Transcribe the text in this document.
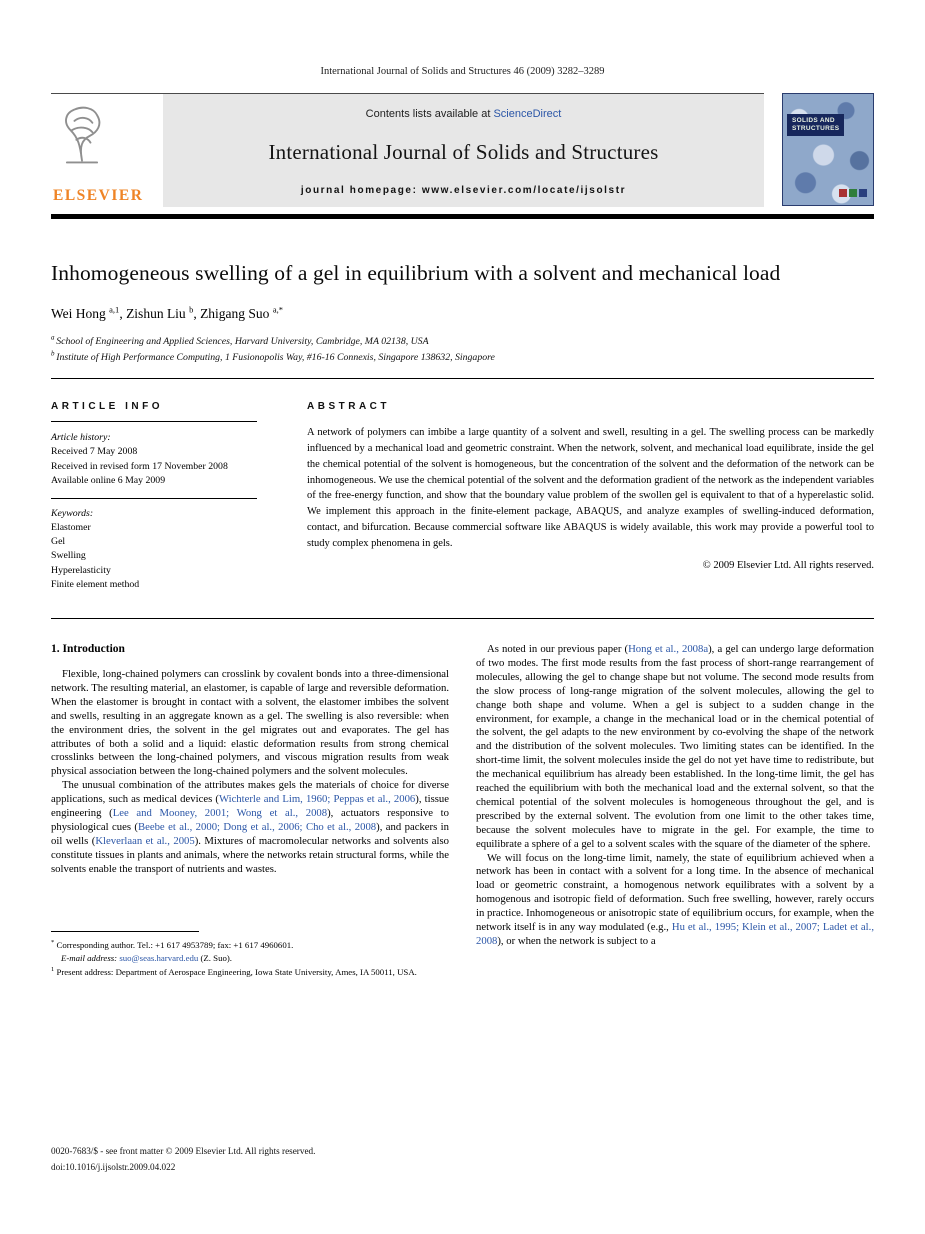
International Journal of Solids and Structures 46 (2009) 3282–3289
ELSEVIER
Contents lists available at ScienceDirect
International Journal of Solids and Structures
journal homepage: www.elsevier.com/locate/ijsolstr
SOLIDS AND
STRUCTURES
Inhomogeneous swelling of a gel in equilibrium with a solvent and mechanical load
Wei Hong $^{a,1}$, Zishun Liu $^b$, Zhigang Suo $^{a,*}$
$^a$ School of Engineering and Applied Sciences, Harvard University, Cambridge, MA 02138, USA
$^b$ Institute of High Performance Computing, 1 Fusionopolis Way, #16-16 Connexis, Singapore 138632, Singapore
ARTICLE INFO
Article history:
Received 7 May 2008
Received in revised form 17 November 2008
Available online 6 May 2009
Keywords:
Elastomer
Gel
Swelling
Hyperelasticity
Finite element method
ABSTRACT

A network of polymers can imbibe a large quantity of a solvent and swell, resulting in a gel. The swelling process can be markedly influenced by a mechanical load and geometric constraint. When the network, solvent, and mechanical load equilibrate, inside the gel the chemical potential of the solvent is homogeneous, but the concentration of the solvent and the deformation of the network can be inhomogeneous. We use the chemical potential of the solvent and the deformation gradient of the network as the independent variables of the free-energy function, and show that the boundary value problem of the swollen gel is equivalent to that of a hyperelastic solid. We implement this approach in the finite-element package, ABAQUS, and analyze examples of swelling-induced deformation, contact, and bifurcation. Because commercial software like ABAQUS is widely available, this work may provide a powerful tool to study complex phenomena in gels.

© 2009 Elsevier Ltd. All rights reserved.
1. Introduction

Flexible, long-chained polymers can crosslink by covalent bonds into a three-dimensional network. The resulting material, an elastomer, is capable of large and reversible deformation. When the elastomer is brought in contact with a solvent, the elastomer imbibes the solvent and swells, resulting in an aggregate known as a gel. The swelling is also reversible: when the environment dries, the solvent in the gel migrates out and evaporates. The gel has attributes of both a solid and a liquid: elastic deformation results from strong chemical crosslinks between the long-chained polymers, and viscous migration results from weak physical association between the long-chained polymers and the solvent molecules.

The unusual combination of the attributes makes gels the materials of choice for diverse applications, such as medical devices (Wichterle and Lim, 1960; Peppas et al., 2006), tissue engineering (Lee and Mooney, 2001; Wong et al., 2008), actuators responsive to physiological cues (Beebe et al., 2000; Dong et al., 2006; Cho et al., 2008), and packers in oil wells (Kleverlaan et al., 2005). Mixtures of macromolecular networks and solvents also constitute tissues in plants and animals, where the networks retain structural forms, while the solvents enable the transport of nutrients and wastes.

* Corresponding author. Tel.: +1 617 4953789; fax: +1 617 4960601.

E-mail address: suo@seas.harvard.edu (Z. Suo).

$^1$ Present address: Department of Aerospace Engineering, Iowa State University, Ames, IA 50011, USA.

As noted in our previous paper (Hong et al., 2008a), a gel can undergo large deformation of two modes. The first mode results from the fast process of short-range rearrangement of molecules, allowing the gel to change shape but not volume. The second mode results from the slow process of long-range migration of the solvent molecules, allowing the gel to change both shape and volume. When a gel is subject to a sudden change in the environment, for example, a change in the mechanical load or in the chemical potential of the solvent, the gel adapts to the new environment by co-evolving the shape of the network and the distribution of the solvent molecules. Two limiting states can be identified. In the short-time limit, the solvent molecules inside the gel do not yet have time to redistribute, but the mechanical equilibrium has already been established. In the long-time limit, the gel has reached the equilibrium with both the mechanical load and the external solvent, so that the chemical potential of the solvent molecules is homogeneous throughout the gel, and is prescribed by the external solvent. The evolution from one limit to the other takes time, because the solvent molecules have to migrate in the gel. For example, the time to equilibrate a sphere of a gel to a solvent scales with the square of the diameter of the sphere.

We will focus on the long-time limit, namely, the state of equilibrium achieved when a network has been in contact with a solvent for a long time. In the absence of mechanical load or geometric constraint, a homogenous network equilibrates with a solvent by a homogenous and isotropic field of deformation. Such free swelling, however, rarely occurs in practice. Inhomogeneous or anisotropic state of equilibrium occurs, for example, when the network itself is in any way modulated (e.g., Hu et al., 1995; Klein et al., 2007; Ladet et al., 2008), or when the network is subject to a

0020-7683/$ - see front matter © 2009 Elsevier Ltd. All rights reserved.
doi:10.1016/j.ijsolstr.2009.04.022
